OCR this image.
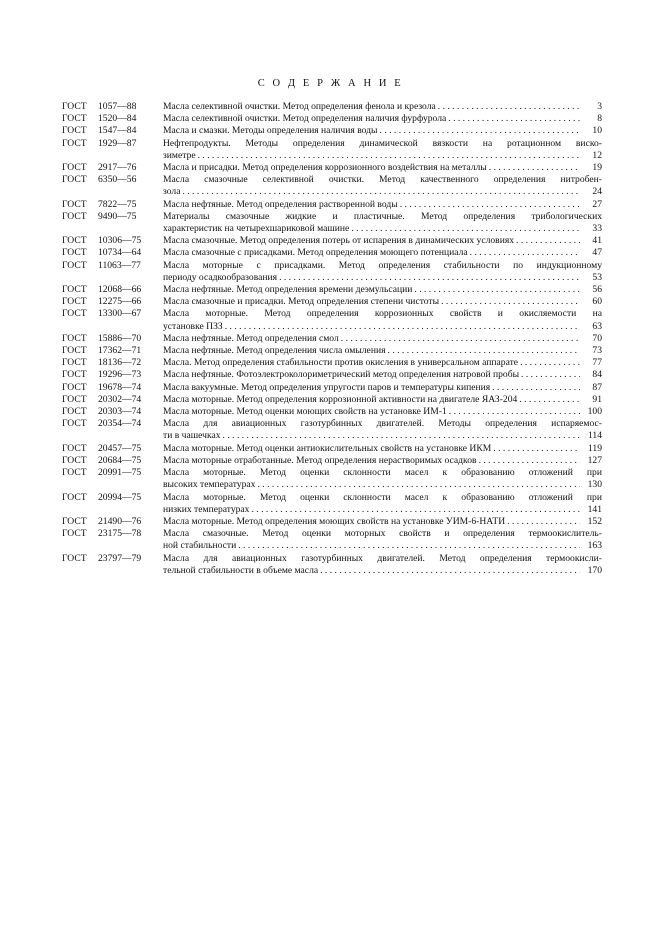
С О Д Е Р Ж А Н И Е
ГОСТ 1057—88	Масла селективной очистки. Метод определения фенола и крезола . . .	3
ГОСТ 1520—84	Масла селективной очистки. Метод определения наличия фурфурола . . .	8
ГОСТ 1547—84	Масла и смазки. Методы определения наличия воды . . .	10
ГОСТ 1929—87	Нефтепродукты. Методы определения динамической вязкости на ротационном виско-
зиметре . . .	12
ГОСТ 2917—76	Масла и присадки. Метод определения коррозионного воздействия на металлы . . .	19
ГОСТ 6350—56	Масла смазочные селективной очистки. Метод качественного определения нитробен-
зола . . .	24
ГОСТ 7822—75	Масла нефтяные. Метод определения растворенной воды . . .	27
ГОСТ 9490—75	Материалы смазочные жидкие и пластичные. Метод определения трибологических
характеристик на четырехшариковой машине . . .	33
ГОСТ 10306—75	Масла смазочные. Метод определения потерь от испарения в динамических условиях . . .	41
ГОСТ 10734—64	Масла смазочные с присадками. Метод определения моющего потенциала . . .	47
ГОСТ 11063—77	Масла моторные с присадками. Метод определения стабильности по индукционному
периоду осадкообразования . . .	53
ГОСТ 12068—66	Масла нефтяные. Метод определения времени деэмульсации . . .	56
ГОСТ 12275—66	Масла смазочные и присадки. Метод определения степени чистоты . . .	60
ГОСТ 13300—67	Масла моторные. Метод определения коррозионных свойств и окисляемости на
установке ПЗЗ . . .	63
ГОСТ 15886—70	Масла нефтяные. Метод определения смол . . .	70
ГОСТ 17362—71	Масла нефтяные. Метод определения числа омыления . . .	73
ГОСТ 18136—72	Масла. Метод определения стабильности против окисления в универсальном аппарате . . .	77
ГОСТ 19296—73	Масла нефтяные. Фотоэлектроколориметрический метод определения натровой пробы . . .	84
ГОСТ 19678—74	Масла вакуумные. Метод определения упругости паров и температуры кипения . . .	87
ГОСТ 20302—74	Масла моторные. Метод определения коррозионной активности на двигателе ЯАЗ-204 . . .	91
ГОСТ 20303—74	Масла моторные. Метод оценки моющих свойств на установке ИМ-1 . . .	100
ГОСТ 20354—74	Масла для авиационных газотурбинных двигателей. Методы определения испаряемос-
ти в чашечках . . .	114
ГОСТ 20457—75	Масла моторные. Метод оценки антиокислительных свойств на установке ИКМ . . .	119
ГОСТ 20684—75	Масла моторные отработанные. Метод определения нерастворимых осадков . . .	127
ГОСТ 20991—75	Масла моторные. Метод оценки склонности масел к образованию отложений при
высоких температурах . . .	130
ГОСТ 20994—75	Масла моторные. Метод оценки склонности масел к образованию отложений при
низких температурах . . .	141
ГОСТ 21490—76	Масла моторные. Метод определения моющих свойств на установке УИМ-6-НАТИ . . .	152
ГОСТ 23175—78	Масла смазочные. Метод оценки моторных свойств и определения термоокислитель-
ной стабильности . . .	163
ГОСТ 23797—79	Масла для авиационных газотурбинных двигателей. Метод определения термоокисли-
тельной стабильности в объеме масла . . .	170
